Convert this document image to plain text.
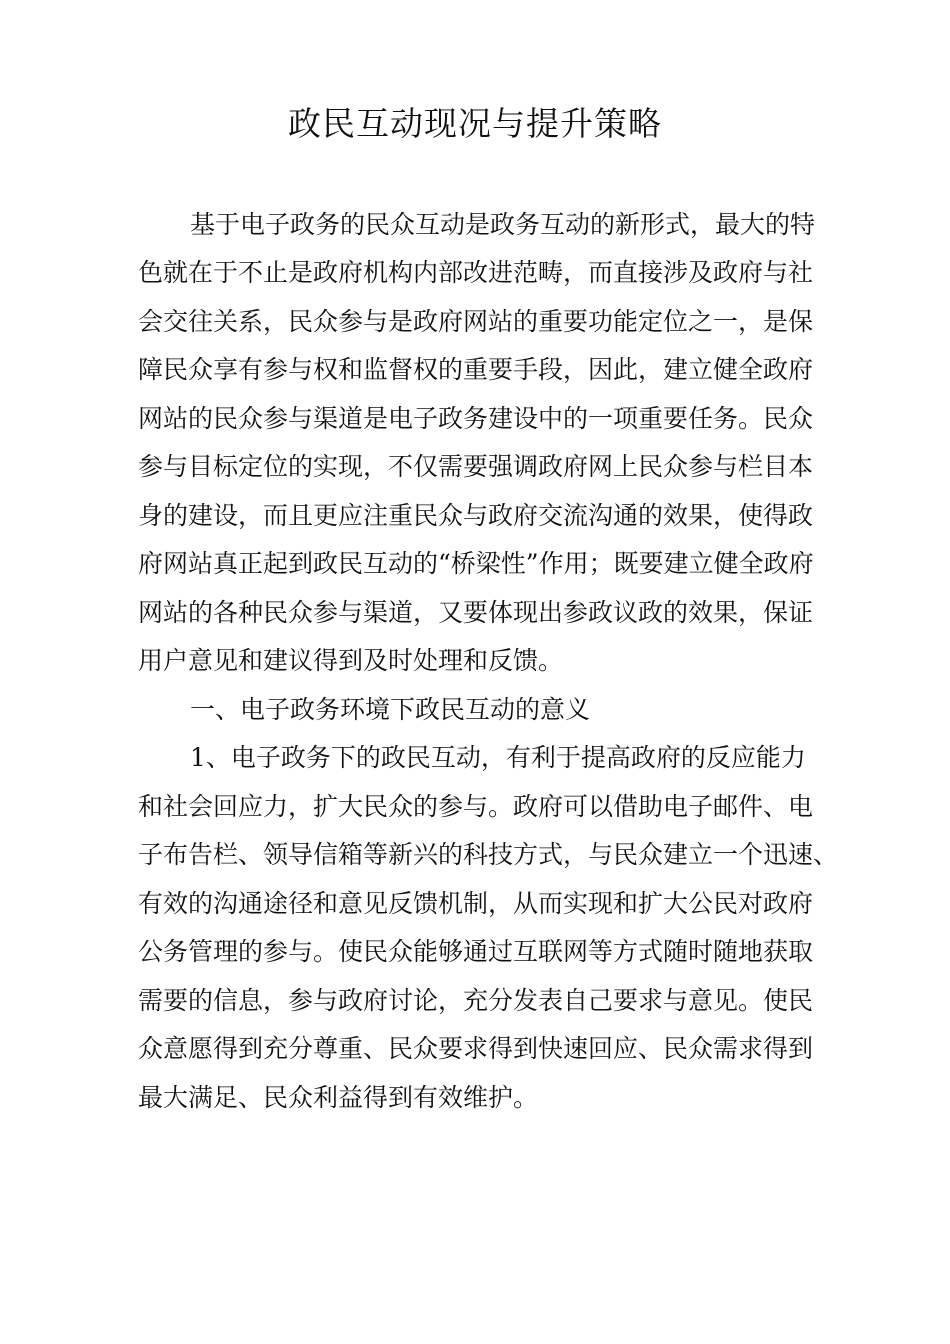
政民互动现况与提升策略

基于电子政务的民众互动是政务互动的新形式，最大的特

色就在于不止是政府机构内部改进范畴，而直接涉及政府与社

会交往关系，民众参与是政府网站的重要功能定位之一，是保

障民众享有参与权和监督权的重要手段，因此，建立健全政府

网站的民众参与渠道是电子政务建设中的一项重要任务。民众

参与目标定位的实现，不仅需要强调政府网上民众参与栏目本

身的建设，而且更应注重民众与政府交流沟通的效果，使得政

府网站真正起到政民互动的“桥梁性”作用；既要建立健全政府

网站的各种民众参与渠道，又要体现出参政议政的效果，保证

用户意见和建议得到及时处理和反馈。

一、电子政务环境下政民互动的意义

1、电子政务下的政民互动，有利于提高政府的反应能力

和社会回应力，扩大民众的参与。政府可以借助电子邮件、电

子布告栏、领导信箱等新兴的科技方式，与民众建立一个迅速、

有效的沟通途径和意见反馈机制，从而实现和扩大公民对政府

公务管理的参与。使民众能够通过互联网等方式随时随地获取

需要的信息，参与政府讨论，充分发表自己要求与意见。使民

众意愿得到充分尊重、民众要求得到快速回应、民众需求得到

最大满足、民众利益得到有效维护。
